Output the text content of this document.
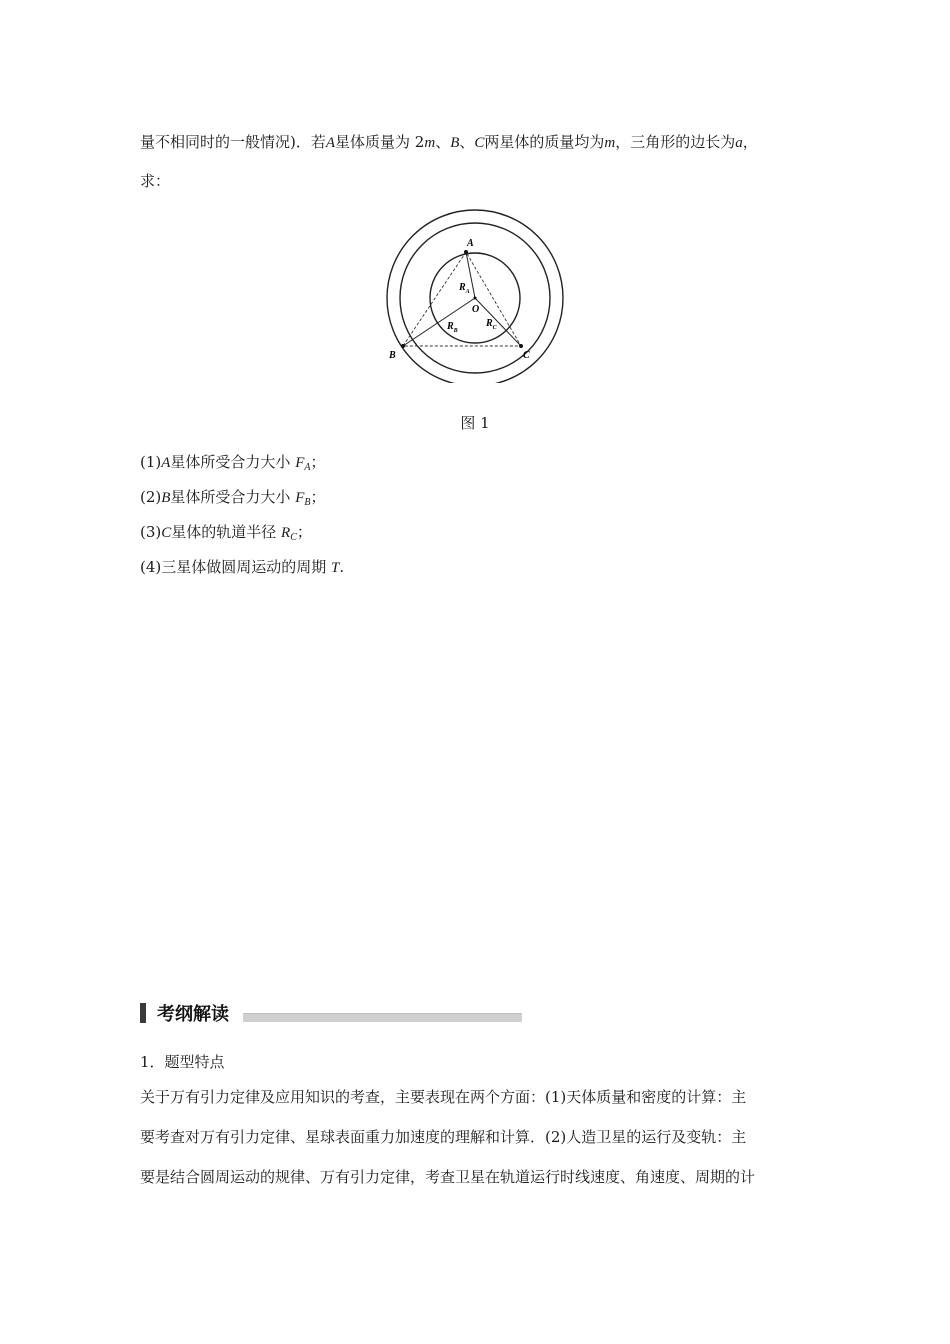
量不相同时的一般情况)．若A星体质量为 2m、B、C两星体的质量均为m，三角形的边长为a，
求：
A
B	C
O
$R_A$
$R_B$
$R_C$
图 1
(1)A星体所受合力大小 $F_A$；
(2)B星体所受合力大小 $F_B$；
(3)C星体的轨道半径 $R_C$；
(4)三星体做圆周运动的周期 T.
考纲解读
1．题型特点
关于万有引力定律及应用知识的考查，主要表现在两个方面：(1)天体质量和密度的计算：主
要考查对万有引力定律、星球表面重力加速度的理解和计算．(2)人造卫星的运行及变轨：主
要是结合圆周运动的规律、万有引力定律，考查卫星在轨道运行时线速度、角速度、周期的计
